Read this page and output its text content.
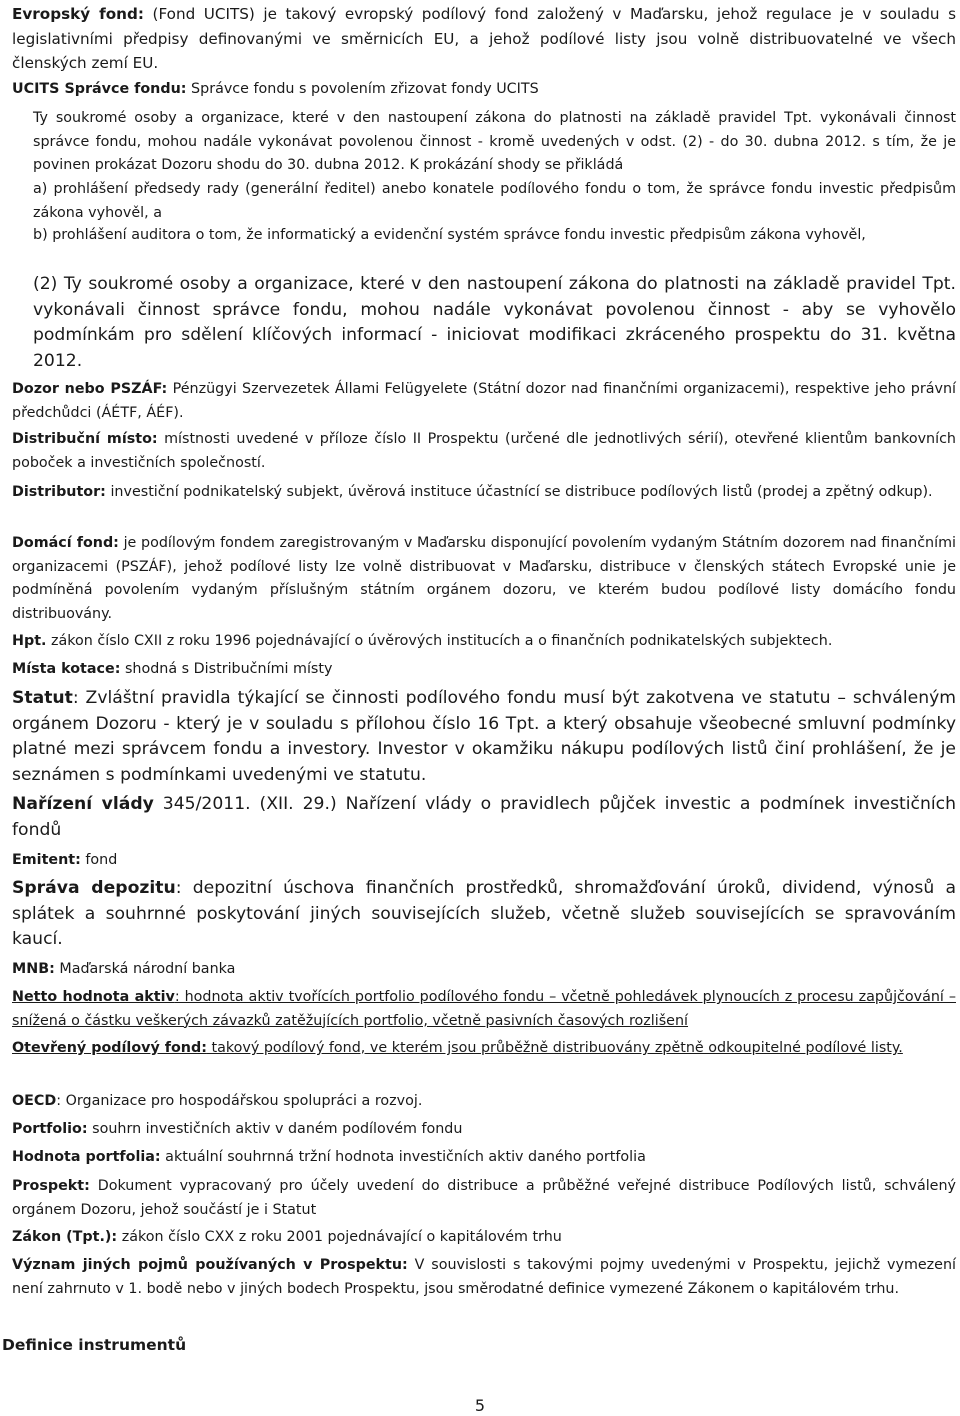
Evropský fond: (Fond UCITS) je takový evropský podílový fond založený v Maďarsku, jehož regulace je v souladu s legislativními předpisy definovanými ve směrnicích EU, a jehož podílové listy jsou volně distribuovatelné ve všech členských zemí EU.

UCITS Správce fondu: Správce fondu s povolením zřizovat fondy UCITS

Ty soukromé osoby a organizace, které v den nastoupení zákona do platnosti na základě pravidel Tpt. vykonávali činnost správce fondu, mohou nadále vykonávat povolenou činnost - kromě uvedených v odst. (2) - do 30. dubna 2012. s tím, že je povinen prokázat Dozoru shodu do 30. dubna 2012. K prokázání shody se přikládá

a) prohlášení předsedy rady (generální ředitel) anebo konatele podílového fondu o tom, že správce fondu investic předpisům zákona vyhověl, a

b) prohlášení auditora o tom, že informatický a evidenční systém správce fondu investic předpisům zákona vyhověl,

(2) Ty soukromé osoby a organizace, které v den nastoupení zákona do platnosti na základě pravidel Tpt. vykonávali činnost správce fondu, mohou nadále vykonávat povolenou činnost - aby se vyhovělo podmínkám pro sdělení klíčových informací - iniciovat modifikaci zkráceného prospektu do 31. května 2012.

Dozor nebo PSZÁF: Pénzügyi Szervezetek Állami Felügyelete (Státní dozor nad finančními organizacemi), respektive jeho právní předchůdci (ÁÉTF, ÁÉF).

Distribuční místo: místnosti uvedené v příloze číslo II Prospektu (určené dle jednotlivých sérií), otevřené klientům bankovních poboček a investičních společností.

Distributor: investiční podnikatelský subjekt, úvěrová instituce účastnící se distribuce podílových listů (prodej a zpětný odkup).

Domácí fond: je podílovým fondem zaregistrovaným v Maďarsku disponující povolením vydaným Státním dozorem nad finančními organizacemi (PSZÁF), jehož podílové listy lze volně distribuovat v Maďarsku, distribuce v členských státech Evropské unie je podmíněná povolením vydaným příslušným státním orgánem dozoru, ve kterém budou podílové listy domácího fondu distribuovány.

Hpt. zákon číslo CXII z roku 1996 pojednávající o úvěrových institucích a o finančních podnikatelských subjektech.

Místa kotace: shodná s Distribučními místy

Statut: Zvláštní pravidla týkající se činnosti podílového fondu musí být zakotvena ve statutu – schváleným orgánem Dozoru - který je v souladu s přílohou číslo 16 Tpt. a který obsahuje všeobecné smluvní podmínky platné mezi správcem fondu a investory. Investor v okamžiku nákupu podílových listů činí prohlášení, že je seznámen s podmínkami uvedenými ve statutu.

Nařízení vlády 345/2011. (XII. 29.) Nařízení vlády o pravidlech půjček investic a podmínek investičních fondů

Emitent: fond

Správa depozitu: depozitní úschova finančních prostředků, shromažďování úroků, dividend, výnosů a splátek a souhrnné poskytování jiných souvisejících služeb, včetně služeb souvisejících se spravováním kaucí.

MNB: Maďarská národní banka

Netto hodnota aktiv: hodnota aktiv tvořících portfolio podílového fondu – včetně pohledávek plynoucích z procesu zapůjčování – snížená o částku veškerých závazků zatěžujících portfolio, včetně pasivních časových rozlišení

Otevřený podílový fond: takový podílový fond, ve kterém jsou průběžně distribuovány zpětně odkoupitelné podílové listy.

OECD: Organizace pro hospodářskou spolupráci a rozvoj.

Portfolio: souhrn investičních aktiv v daném podílovém fondu

Hodnota portfolia: aktuální souhrnná tržní hodnota investičních aktiv daného portfolia

Prospekt: Dokument vypracovaný pro účely uvedení do distribuce a průběžné veřejné distribuce Podílových listů, schválený orgánem Dozoru, jehož součástí je i Statut

Zákon (Tpt.): zákon číslo CXX z roku 2001 pojednávající o kapitálovém trhu

Význam jiných pojmů používaných v Prospektu: V souvislosti s takovými pojmy uvedenými v Prospektu, jejichž vymezení není zahrnuto v 1. bodě nebo v jiných bodech Prospektu, jsou směrodatné definice vymezené Zákonem o kapitálovém trhu.

Definice instrumentů
5
